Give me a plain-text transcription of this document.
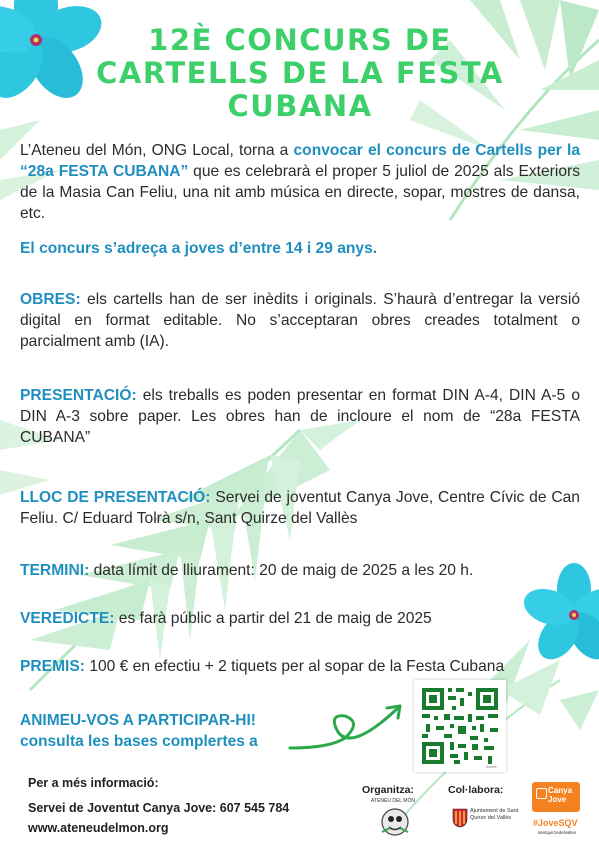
12È CONCURS DE
CARTELLS DE LA FESTA
CUBANA
L’Ateneu del Món, ONG Local, torna a convocar el concurs de Cartells per la “28a FESTA CUBANA” que es celebrarà el proper 5 juliol de 2025 als Exteriors de la Masia Can Feliu, una nit amb música en directe, sopar, mostres de dansa, etc.
El concurs s’adreça a joves d’entre 14 i 29 anys.
OBRES: els cartells han de ser inèdits i originals. S’haurà d’entregar la versió digital en format editable. No s’acceptaran obres creades totalment o parcialment amb (IA).
PRESENTACIÓ: els treballs es poden presentar en format DIN A-4, DIN A-5 o DIN A-3 sobre paper. Les obres han de incloure el nom de “28a FESTA CUBANA”
LLOC DE PRESENTACIÓ: Servei de joventut Canya Jove, Centre Cívic de Can Feliu. C/ Eduard Tolrà s/n, Sant Quirze del Vallès
TERMINI: data límit de lliurament: 20 de maig de 2025 a les 20 h.
VEREDICTE: es farà públic a partir del 21 de maig de 2025
PREMIS: 100 € en efectiu + 2 tiquets per al sopar de la Festa Cubana
ANIMEU-VOS A PARTICIPAR-HI!
consulta les bases complertes a
bases
Per a més informació:
Servei de Joventut Canya Jove: 607 545 784
www.ateneudelmon.org
Organitza:
ATENEU DEL MÓN
Col·labora:
Ajuntament de Sant Quirze del Vallès
Canya Jove
#JoveSQV
santquirzedelvalles
